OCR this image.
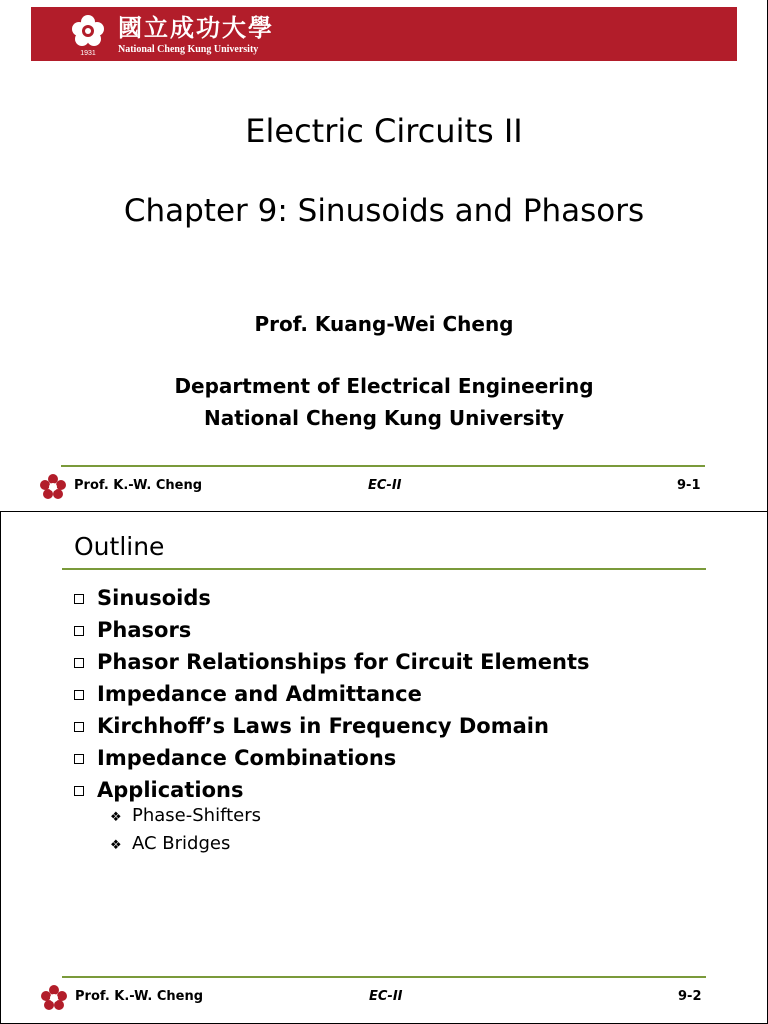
1931
國立成功大學
National Cheng Kung University
Electric Circuits II
Chapter 9: Sinusoids and Phasors
Prof. Kuang-Wei Cheng
Department of Electrical Engineering
National Cheng Kung University
Prof. K.-W. Cheng	EC-II	9-1
Outline
Sinusoids
Phasors
Phasor Relationships for Circuit Elements
Impedance and Admittance
Kirchhoff’s Laws in Frequency Domain
Impedance Combinations
Applications
❖ Phase-Shifters
❖ AC Bridges
Prof. K.-W. Cheng	EC-II	9-2
